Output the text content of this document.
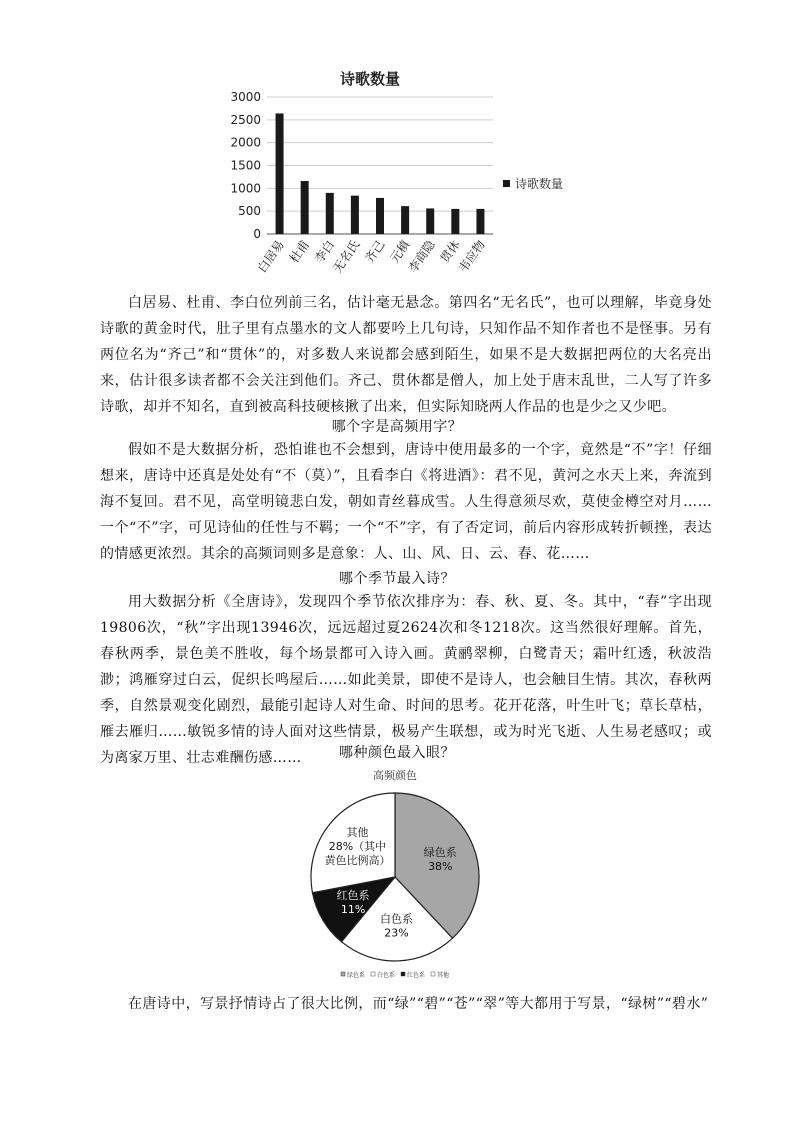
诗歌数量
0
500
1000
1500
2000
2500
3000
白居易 杜甫 李白
无名氏 齐己 元稹
李商隐 贯休
韦应物
诗歌数量

白居易、杜甫、李白位列前三名，估计毫无悬念。第四名“无名氏”，也可以理解，毕竟身处诗歌的黄金时代，肚子里有点墨水的文人都要吟上几句诗，只知作品不知作者也不是怪事。另有两位名为“齐己”和“贯休”的，对多数人来说都会感到陌生，如果不是大数据把两位的大名亮出来，估计很多读者都不会关注到他们。齐己、贯休都是僧人，加上处于唐末乱世，二人写了许多诗歌，却并不知名，直到被高科技硬核揪了出来，但实际知晓两人作品的也是少之又少吧。

哪个字是高频用字？

假如不是大数据分析，恐怕谁也不会想到，唐诗中使用最多的一个字，竟然是“不”字！仔细想来，唐诗中还真是处处有“不（莫）”，且看李白《将进酒》：君不见，黄河之水天上来，奔流到海不复回。君不见，高堂明镜悲白发，朝如青丝暮成雪。人生得意须尽欢，莫使金樽空对月……一个“不”字，可见诗仙的任性与不羁；一个“不”字，有了否定词，前后内容形成转折顿挫，表达的情感更浓烈。其余的高频词则多是意象：人、山、风、日、云、春、花……

哪个季节最入诗？

用大数据分析《全唐诗》，发现四个季节依次排序为：春、秋、夏、冬。其中，“春”字出现19806次，“秋”字出现13946次，远远超过夏2624次和冬1218次。这当然很好理解。首先，春秋两季，景色美不胜收，每个场景都可入诗入画。黄鹂翠柳，白鹭青天；霜叶红透，秋波浩渺；鸿雁穿过白云，促织长鸣屋后……如此美景，即使不是诗人，也会触目生情。其次，春秋两季，自然景观变化剧烈，最能引起诗人对生命、时间的思考。花开花落，叶生叶飞；草长草枯，雁去雁归……敏锐多情的诗人面对这些情景，极易产生联想，或为时光飞逝、人生易老感叹；或为离家万里、壮志难酬伤感……	哪种颜色最入眼？

高频颜色
绿色系
38%
白色系
23%
红色系
11%
其他
28%（其中
黄色比例高）
绿色系 白色系 红色系 其他

在唐诗中，写景抒情诗占了很大比例，而“绿”“碧”“苍”“翠”等大都用于写景，“绿树”“碧水”
